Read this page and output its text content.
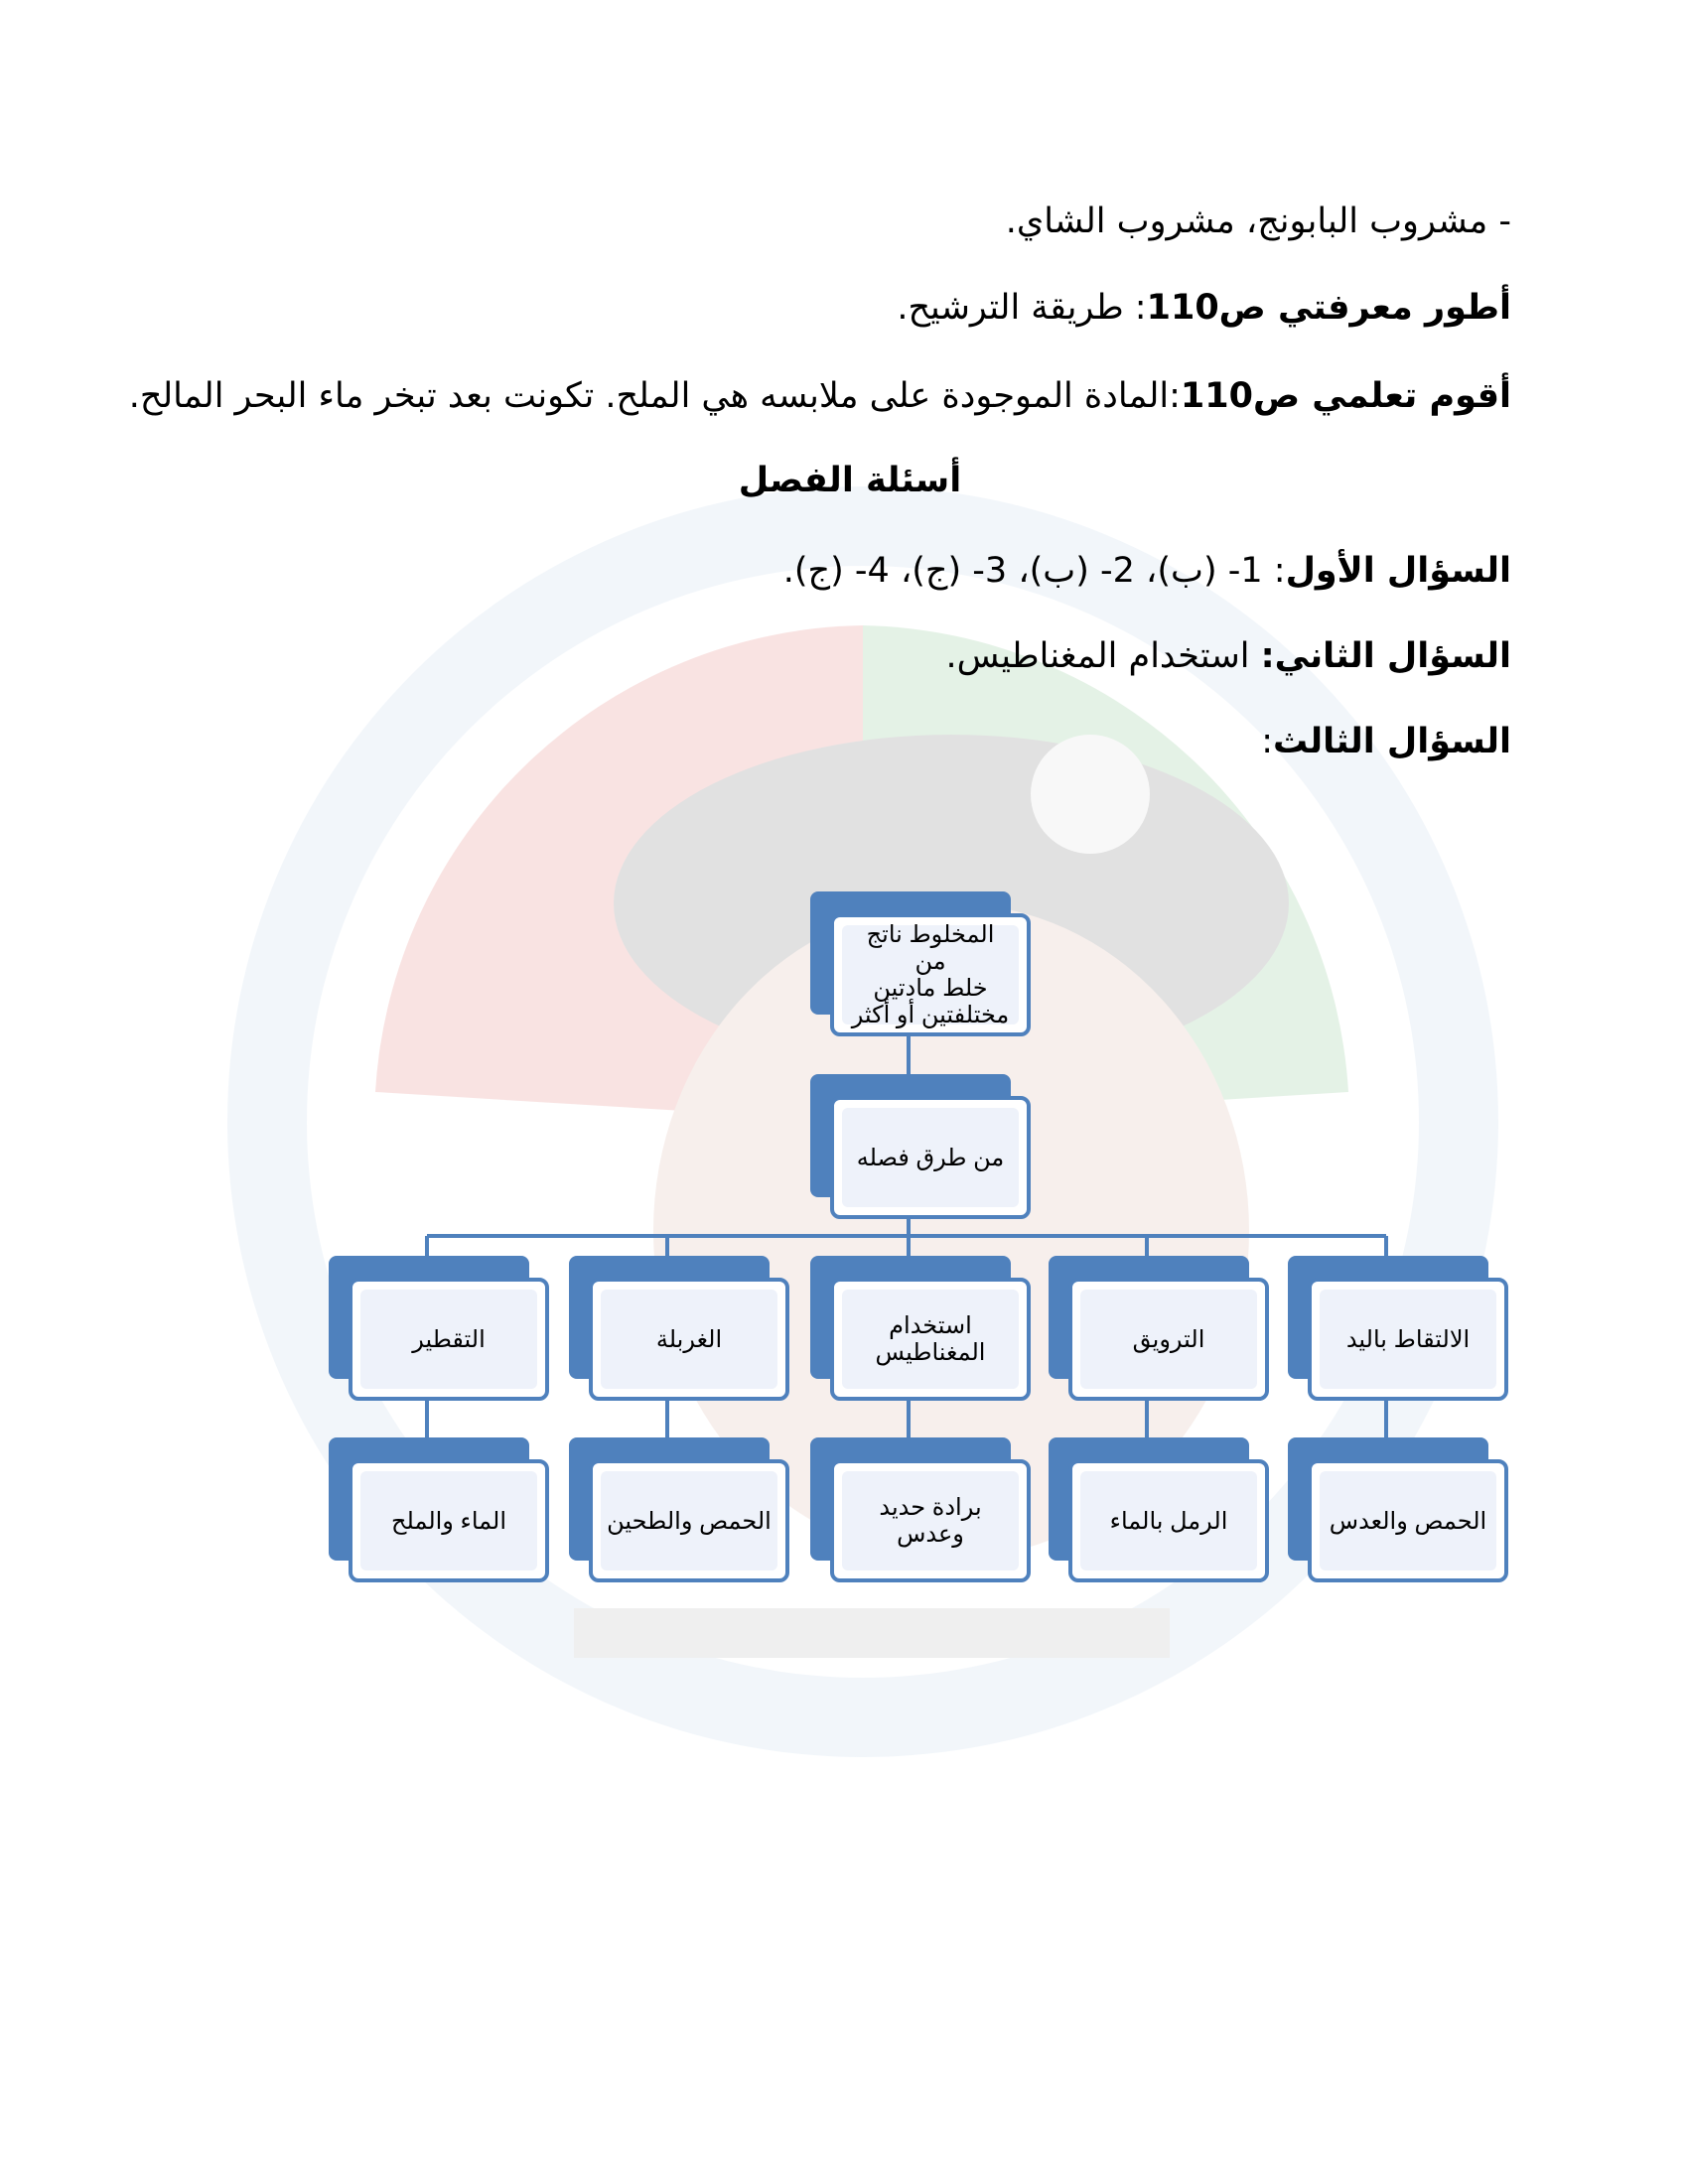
- مشروب البابونج، مشروب الشاي.
أطور معرفتي ص110: طريقة الترشيح.
أقوم تعلمي ص110:المادة الموجودة على ملابسه هي الملح. تكونت بعد تبخر ماء البحر المالح.
أسئلة الفصل
السؤال الأول: 1- (ب)، 2- (ب)، 3- (ج)، 4- (ج).
السؤال الثاني: استخدام المغناطيس.
السؤال الثالث:
المخلوط ناتج من
خلط مادتين
مختلفتين أو أكثر
من طرق فصله
الالتقاط باليد
الترويق
استخدام
المغناطيس
الغربلة
التقطير
الحمص والعدس
الرمل بالماء
برادة حديد
وعدس
الحمص والطحين
الماء والملح
